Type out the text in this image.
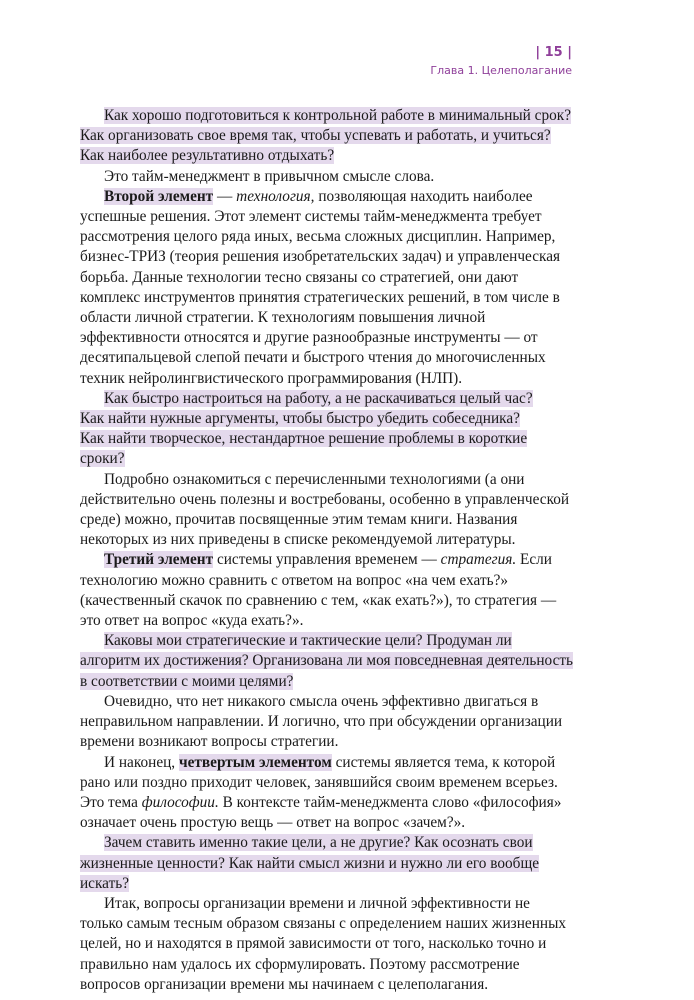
| 15 |
Глава 1. Целеполагание
Как хорошо подготовиться к контрольной работе в минимальный срок?
Как организовать свое время так, чтобы успевать и работать, и учиться?
Как наиболее результативно отдыхать?
Это тайм-менеджмент в привычном смысле слова.
Второй элемент — технология, позволяющая находить наиболее успешные решения. Этот элемент системы тайм-менеджмента требует рассмотрения целого ряда иных, весьма сложных дисциплин. Например, бизнес-ТРИЗ (теория решения изобретательских задач) и управленческая борьба. Данные технологии тесно связаны со стратегией, они дают комплекс инструментов принятия стратегических решений, в том числе в области личной стратегии. К технологиям повышения личной эффективности относятся и другие разнообразные инструменты — от десятипальцевой слепой печати и быстрого чтения до многочисленных техник нейролингвистического программирования (НЛП).
Как быстро настроиться на работу, а не раскачиваться целый час?
Как найти нужные аргументы, чтобы быстро убедить собеседника?
Как найти творческое, нестандартное решение проблемы в короткие сроки?
Подробно ознакомиться с перечисленными технологиями (а они действительно очень полезны и востребованы, особенно в управленческой среде) можно, прочитав посвященные этим темам книги. Названия некоторых из них приведены в списке рекомендуемой литературы.
Третий элемент системы управления временем — стратегия. Если технологию можно сравнить с ответом на вопрос «на чем ехать?» (качественный скачок по сравнению с тем, «как ехать?»), то стратегия — это ответ на вопрос «куда ехать?».
Каковы мои стратегические и тактические цели? Продуман ли алгоритм их достижения? Организована ли моя повседневная деятельность в соответствии с моими целями?
Очевидно, что нет никакого смысла очень эффективно двигаться в неправильном направлении. И логично, что при обсуждении организации времени возникают вопросы стратегии.
И наконец, четвертым элементом системы является тема, к которой рано или поздно приходит человек, занявшийся своим временем всерьез. Это тема философии. В контексте тайм-менеджмента слово «философия» означает очень простую вещь — ответ на вопрос «зачем?».
Зачем ставить именно такие цели, а не другие? Как осознать свои жизненные ценности? Как найти смысл жизни и нужно ли его вообще искать?
Итак, вопросы организации времени и личной эффективности не только самым тесным образом связаны с определением наших жизненных целей, но и находятся в прямой зависимости от того, насколько точно и правильно нам удалось их сформулировать. Поэтому рассмотрение вопросов организации времени мы начинаем с целеполагания.
